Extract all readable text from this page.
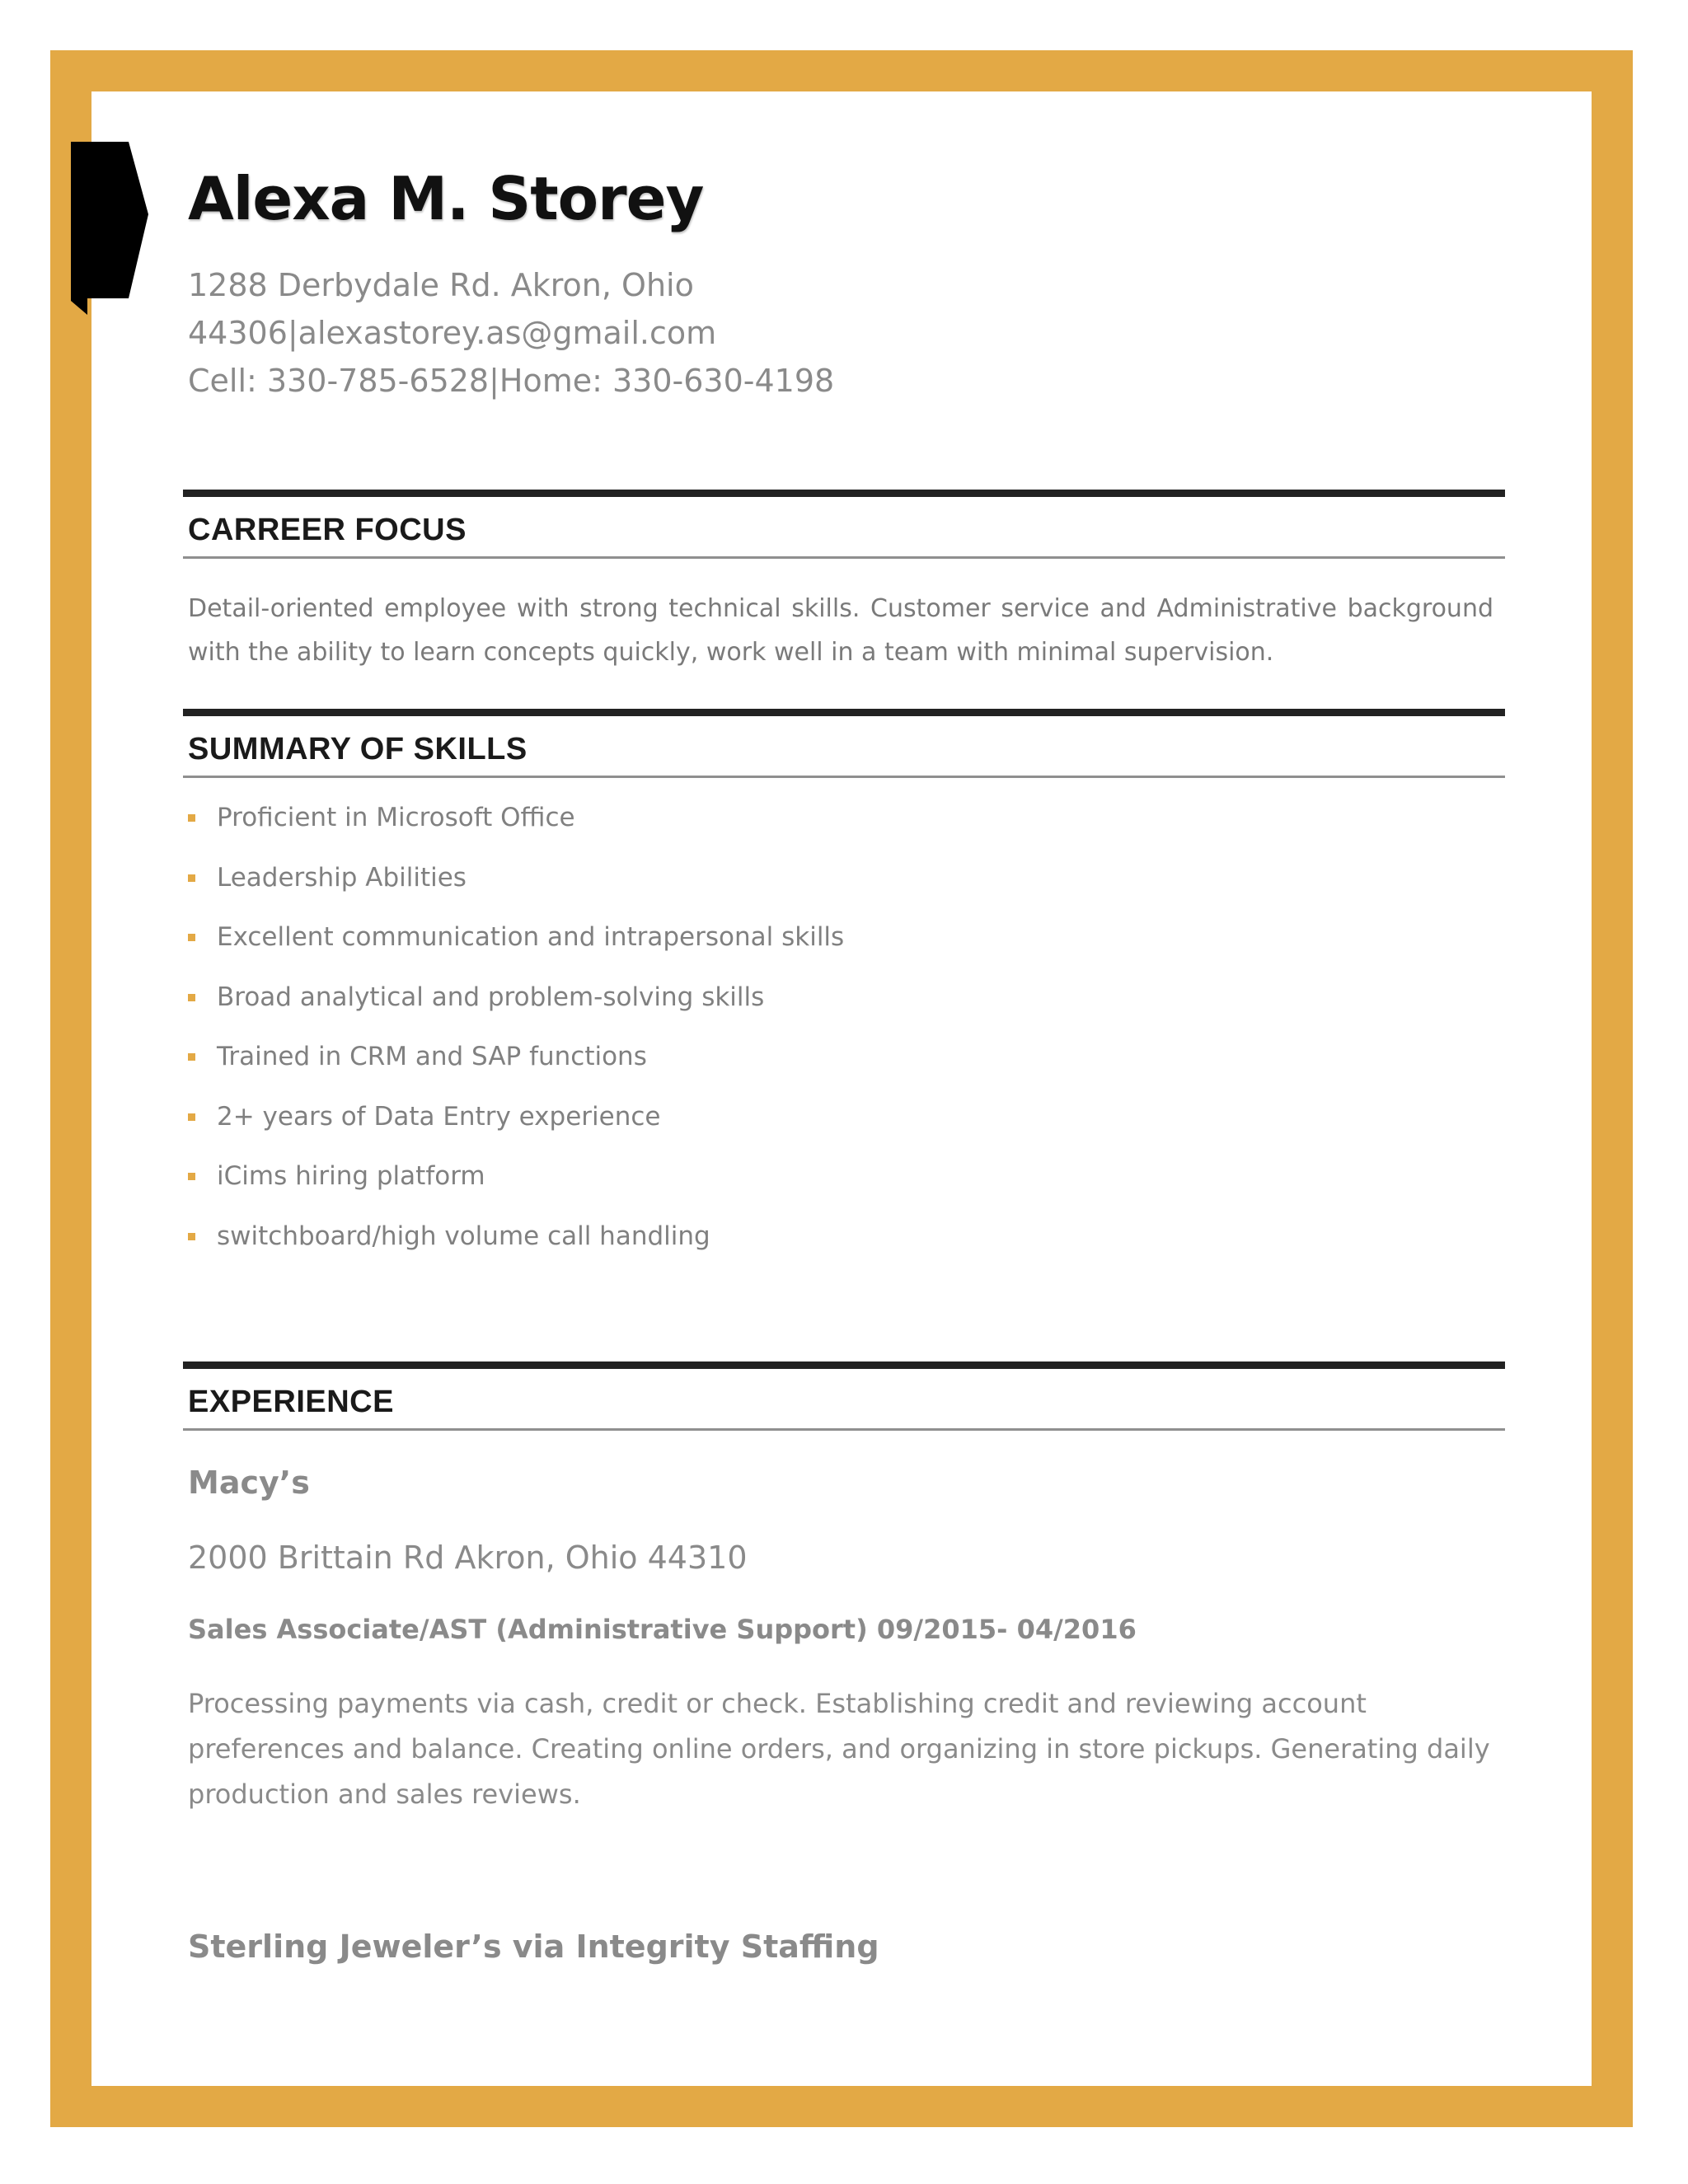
Alexa M. Storey
1288 Derbydale Rd. Akron, Ohio
44306|alexastorey.as@gmail.com
Cell: 330-785-6528|Home: 330-630-4198
CARREER FOCUS
Detail-oriented employee with strong technical skills. Customer service and Administrative background with the ability to learn concepts quickly, work well in a team with minimal supervision.
SUMMARY OF SKILLS
Proficient in Microsoft Office
Leadership Abilities
Excellent communication and intrapersonal skills
Broad analytical and problem-solving skills
Trained in CRM and SAP functions
2+ years of Data Entry experience
iCims hiring platform
switchboard/high volume call handling
EXPERIENCE
Macy’s
2000 Brittain Rd Akron, Ohio 44310
Sales Associate/AST (Administrative Support) 09/2015- 04/2016
Processing payments via cash, credit or check. Establishing credit and reviewing account preferences and balance. Creating online orders, and organizing in store pickups. Generating daily production and sales reviews.
Sterling Jeweler’s via Integrity Staffing
